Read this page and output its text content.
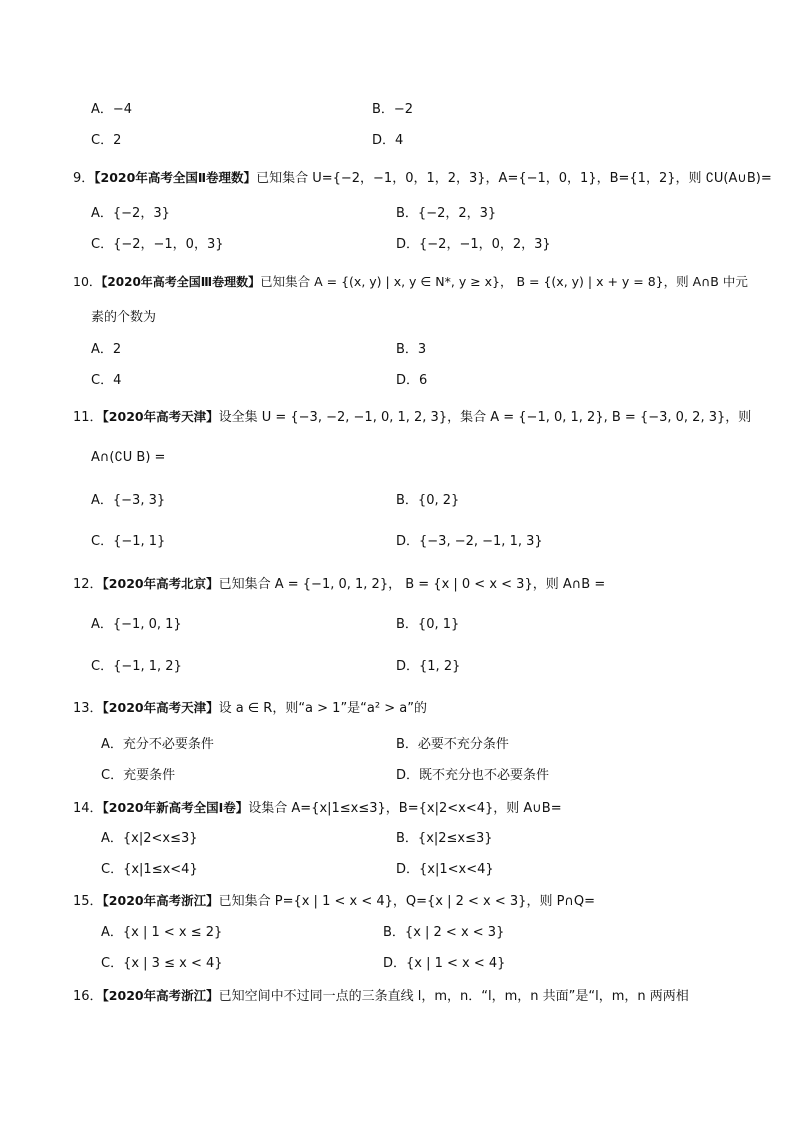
A．−4	B．−2
C．2	D．4
9．【2020年高考全国Ⅱ卷理数】已知集合 U={−2，−1，0，1，2，3}，A={−1，0，1}，B={1，2}，则 ∁U(A∪B)=
A．{−2，3}	B．{−2，2，3}
C．{−2，−1，0，3}	D．{−2，−1，0，2，3}
10．【2020年高考全国Ⅲ卷理数】已知集合 A = {(x, y) | x, y ∈ N*, y ≥ x}， B = {(x, y) | x + y = 8}，则 A∩B 中元
素的个数为
A．2	B．3
C．4	D．6
11．【2020年高考天津】设全集 U = {−3, −2, −1, 0, 1, 2, 3}，集合 A = {−1, 0, 1, 2}, B = {−3, 0, 2, 3}，则
A∩(∁U B) =
A．{−3, 3}	B．{0, 2}
C．{−1, 1}	D．{−3, −2, −1, 1, 3}
12．【2020年高考北京】已知集合 A = {−1, 0, 1, 2}， B = {x | 0 < x < 3}，则 A∩B =
A．{−1, 0, 1}	B．{0, 1}
C．{−1, 1, 2}	D．{1, 2}
13．【2020年高考天津】设 a ∈ R，则“a > 1”是“a² > a”的
A．充分不必要条件	B．必要不充分条件
C．充要条件	D．既不充分也不必要条件
14．【2020年新高考全国Ⅰ卷】设集合 A={x|1≤x≤3}，B={x|2<x<4}，则 A∪B=
A．{x|2<x≤3}	B．{x|2≤x≤3}
C．{x|1≤x<4}	D．{x|1<x<4}
15．【2020年高考浙江】已知集合 P={x | 1 < x < 4}，Q={x | 2 < x < 3}，则 P∩Q=
A．{x | 1 < x ≤ 2}	B．{x | 2 < x < 3}
C．{x | 3 ≤ x < 4}	D．{x | 1 < x < 4}
16．【2020年高考浙江】已知空间中不过同一点的三条直线 l，m，n．“l，m，n 共面”是“l，m，n 两两相
